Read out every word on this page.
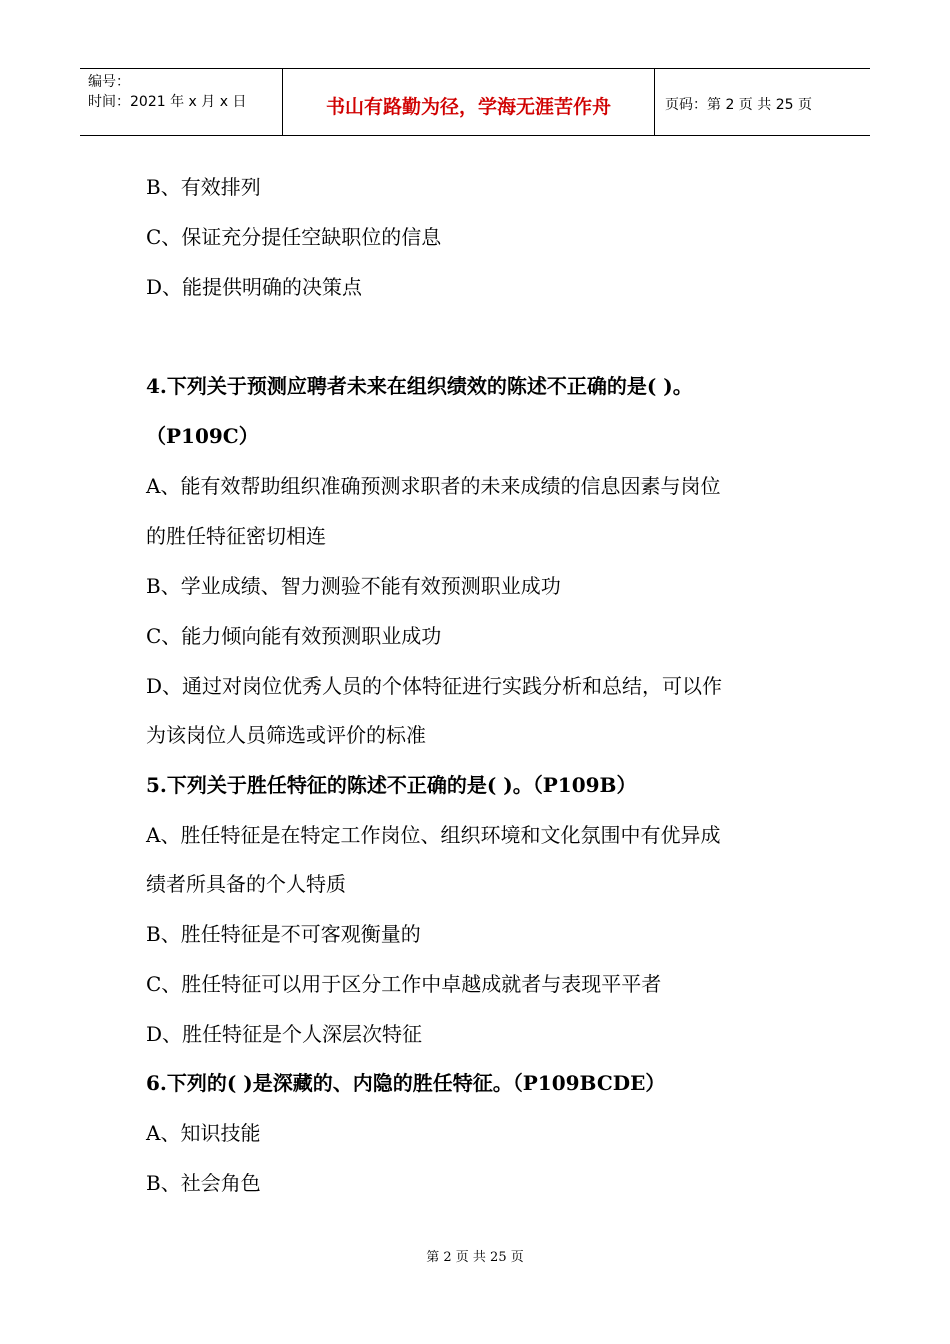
编号：
时间：2021 年 x 月 x 日	书山有路勤为径，学海无涯苦作舟	页码：第 2 页 共 25 页
B、有效排列
C、保证充分提任空缺职位的信息
D、能提供明确的决策点
4.下列关于预测应聘者未来在组织绩效的陈述不正确的是( )。
（P109C）
A、能有效帮助组织准确预测求职者的未来成绩的信息因素与岗位
的胜任特征密切相连
B、学业成绩、智力测验不能有效预测职业成功
C、能力倾向能有效预测职业成功
D、通过对岗位优秀人员的个体特征进行实践分析和总结，可以作
为该岗位人员筛选或评价的标准
5.下列关于胜任特征的陈述不正确的是( )。（P109B）
A、胜任特征是在特定工作岗位、组织环境和文化氛围中有优异成
绩者所具备的个人特质
B、胜任特征是不可客观衡量的
C、胜任特征可以用于区分工作中卓越成就者与表现平平者
D、胜任特征是个人深层次特征
6.下列的( )是深藏的、内隐的胜任特征。（P109BCDE）
A、知识技能
B、社会角色
第 2 页 共 25 页
